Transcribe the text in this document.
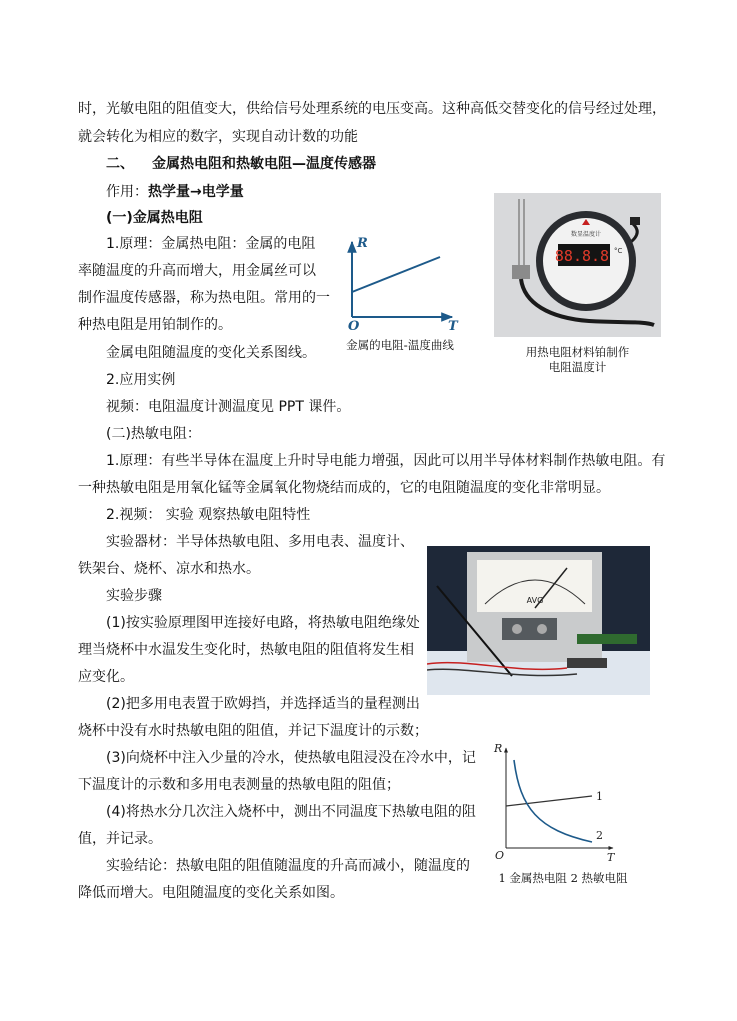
时，光敏电阻的阻值变大，供给信号处理系统的电压变高。这种高低交替变化的信号经过处理，
就会转化为相应的数字，实现自动计数的功能
二、 金属热电阻和热敏电阻—温度传感器
作用： 热学量→电学量
(一)金属热电阻
1.原理：金属热电阻：金属的电阻
率随温度的升高而增大，用金属丝可以
制作温度传感器，称为热电阻。常用的一
种热电阻是用铂制作的。
金属电阻随温度的变化关系图线。
R
T
O
金属的电阻-温度曲线
数显温度计
88.8.8 °C
用热电阻材料铂制作
电阻温度计
2.应用实例
视频：电阻温度计测温度见 PPT 课件。
(二)热敏电阻：
1.原理：有些半导体在温度上升时导电能力增强，因此可以用半导体材料制作热敏电阻。有
一种热敏电阻是用氧化锰等金属氧化物烧结而成的，它的电阻随温度的变化非常明显。
2.视频： 实验 观察热敏电阻特性
实验器材：半导体热敏电阻、多用电表、温度计、
铁架台、烧杯、凉水和热水。
实验步骤	AVG
(1)按实验原理图甲连接好电路，将热敏电阻绝缘处
理当烧杯中水温发生变化时，热敏电阻的阻值将发生相
应变化。
(2)把多用电表置于欧姆挡，并选择适当的量程测出
烧杯中没有水时热敏电阻的阻值，并记下温度计的示数；
(3)向烧杯中注入少量的冷水，使热敏电阻浸没在冷水中，记
下温度计的示数和多用电表测量的热敏电阻的阻值；
(4)将热水分几次注入烧杯中，测出不同温度下热敏电阻的阻
值，并记录。
实验结论：热敏电阻的阻值随温度的升高而减小，随温度的
降低而增大。电阻随温度的变化关系如图。
R
T
O
1
2
1 金属热电阻 2 热敏电阻
